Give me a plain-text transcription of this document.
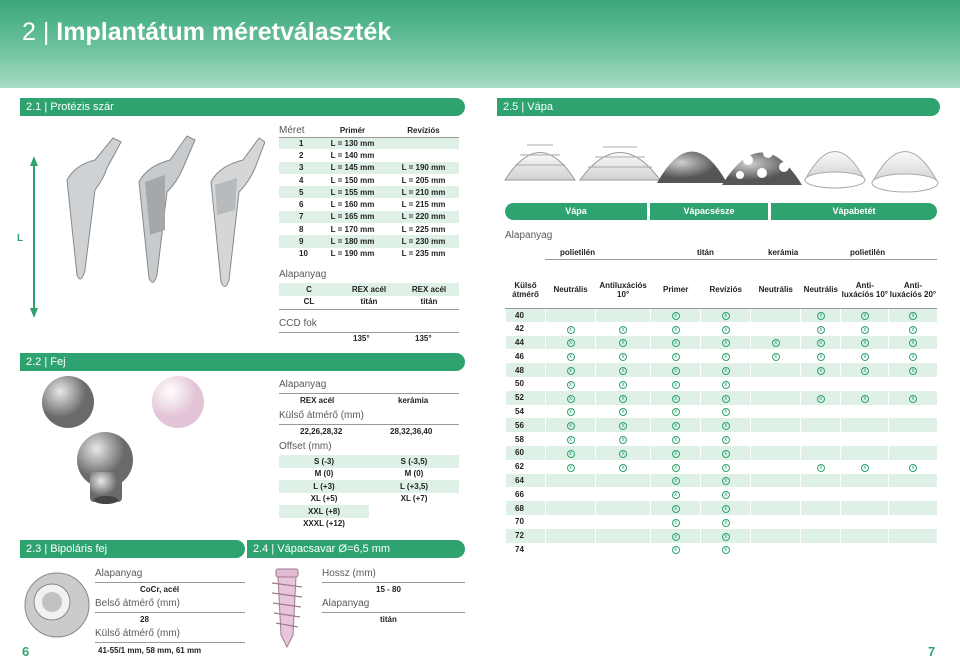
2 | Implantátum méretválaszték
2.1 | Protézis szár
2.2 | Fej
2.3 | Bipoláris fej	2.4 | Vápacsavar Ø=6,5 mm
2.5 | Vápa
L
Méret	Primér	Revíziós
1	L = 130 mm	
2	L = 140 mm	
3	L = 145 mm	L = 190 mm
4	L = 150 mm	L = 205 mm
5	L = 155 mm	L = 210 mm
6	L = 160 mm	L = 215 mm
7	L = 165 mm	L = 220 mm
8	L = 170 mm	L = 225 mm
9	L = 180 mm	L = 230 mm
10	L = 190 mm	L = 235 mm
Alapanyag
C	REX acél	REX acél
CL	titán	titán
CCD fok
135°	135°
Alapanyag
REX acél	kerámia
Külső átmérő (mm)
22,26,28,32	28,32,36,40
Offset (mm)
S (-3)	S (-3,5)
M (0)	M (0)
L (+3)	L (+3,5)
XL (+5)	XL (+7)
XXL (+8)	
XXXL (+12)	
Alapanyag
CoCr, acél
Belső átmérő (mm)
28
Külső átmérő (mm)
41-55/1 mm, 58 mm, 61 mm
Hossz (mm)
15 - 80
Alapanyag
titán
Vápa	Vápacsésze	Vápabetét
Alapanyag
polietilén	titán	kerámia	polietilén
Külső átmérő	Neutrális	Antiluxációs 10°	Primer	Revíziós	Neutrális	Neutrális	Anti-luxációs 10°	Anti-luxációs 20°
40			x	x		x	x	x
42	x	x	x	x		x	x	x
44	x	x	x	x	x	x	x	x
46	x	x	x	x	x	x	x	x
48	x	x	x	x		x	x	x
50	x	x	x	x				
52	x	x	x	x		x	x	x
54	x	x	x	x				
56	x	x	x	x				
58	x	x	x	x				
60	x	x	x	x				
62	x	x	x	x		x	x	x
64			x	x				
66			x	x				
68			x	x				
70			x	x				
72			x	x				
74			x	x				
6	7
